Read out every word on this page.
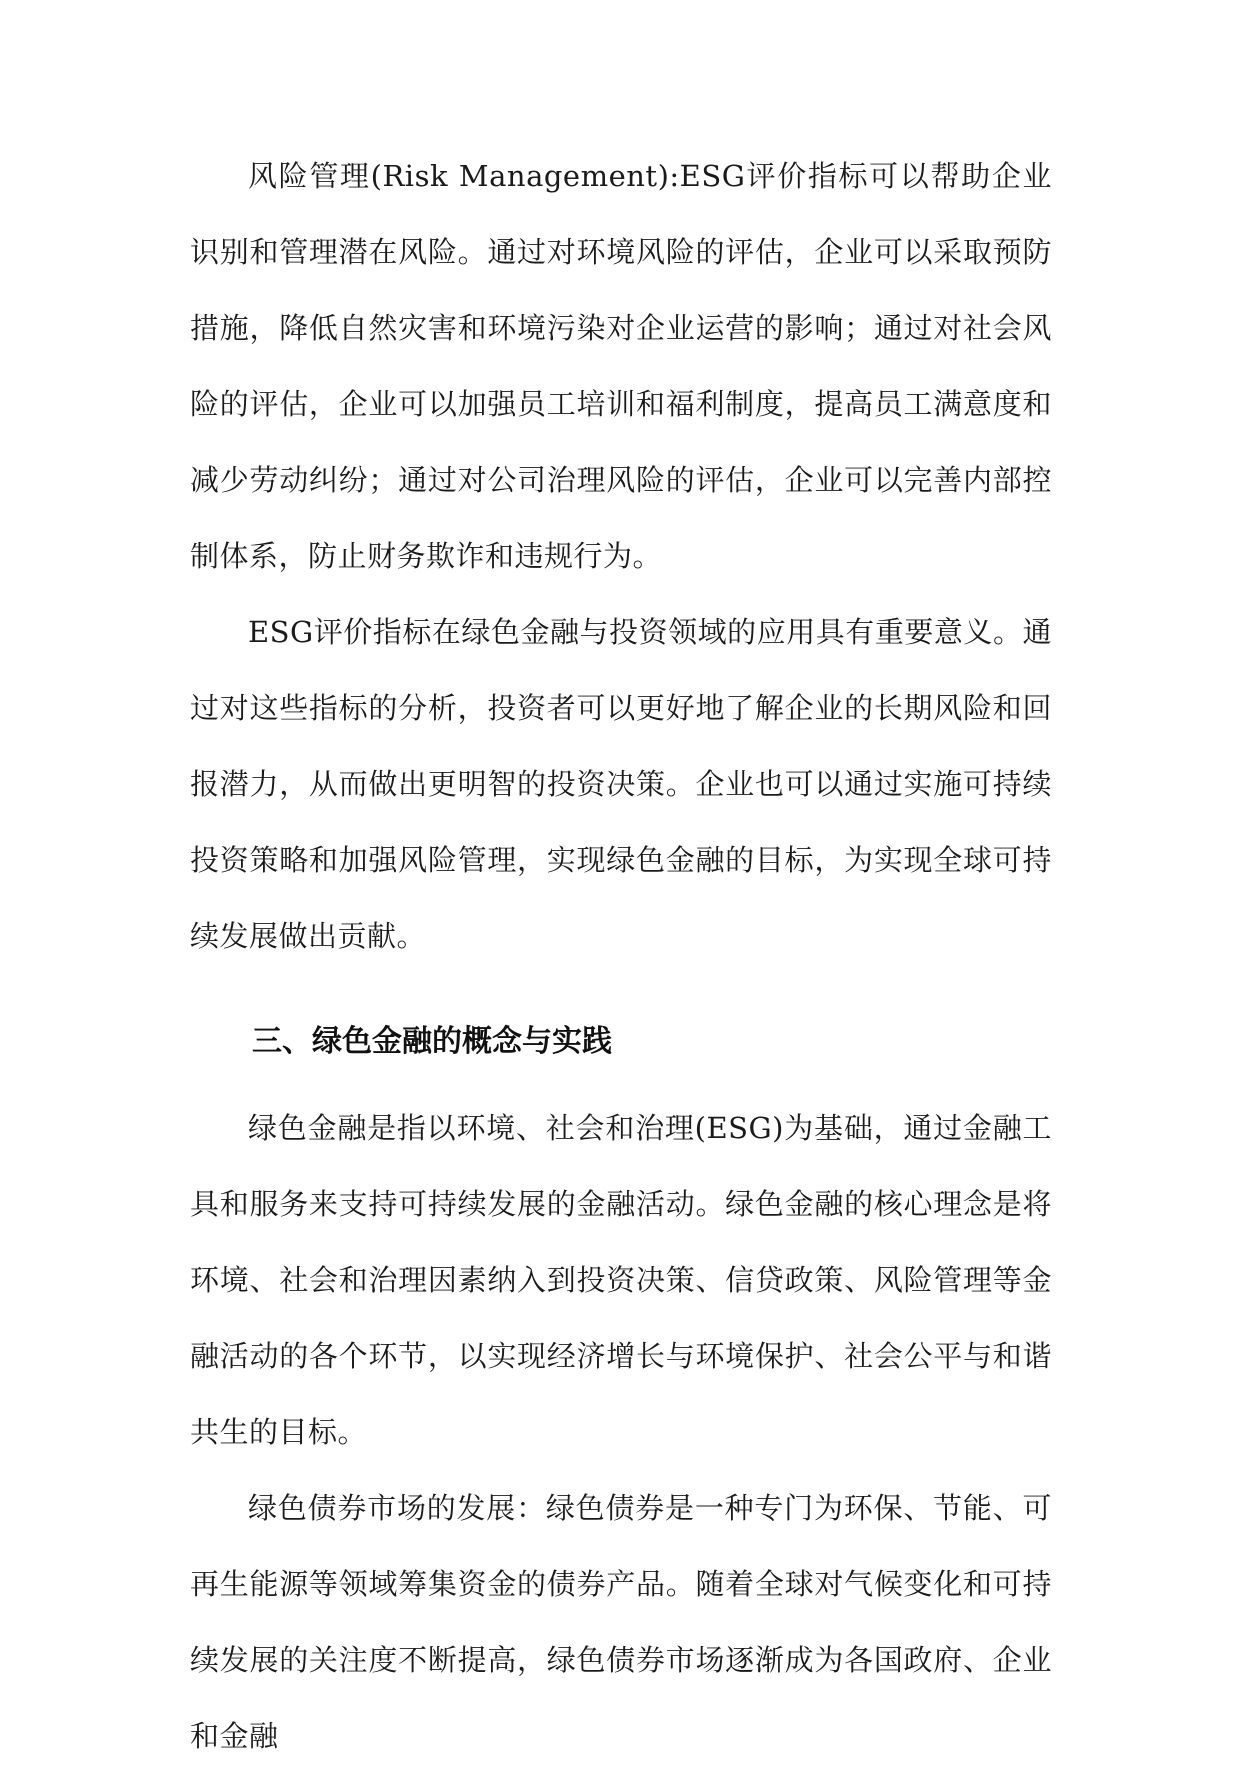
风险管理(Risk Management):ESG评价指标可以帮助企业识别和管理潜在风险。通过对环境风险的评估，企业可以采取预防措施，降低自然灾害和环境污染对企业运营的影响；通过对社会风险的评估，企业可以加强员工培训和福利制度，提高员工满意度和减少劳动纠纷；通过对公司治理风险的评估，企业可以完善内部控制体系，防止财务欺诈和违规行为。

ESG评价指标在绿色金融与投资领域的应用具有重要意义。通过对这些指标的分析，投资者可以更好地了解企业的长期风险和回报潜力，从而做出更明智的投资决策。企业也可以通过实施可持续投资策略和加强风险管理，实现绿色金融的目标，为实现全球可持续发展做出贡献。

三、绿色金融的概念与实践

绿色金融是指以环境、社会和治理(ESG)为基础，通过金融工具和服务来支持可持续发展的金融活动。绿色金融的核心理念是将环境、社会和治理因素纳入到投资决策、信贷政策、风险管理等金融活动的各个环节，以实现经济增长与环境保护、社会公平与和谐共生的目标。

绿色债券市场的发展：绿色债券是一种专门为环保、节能、可再生能源等领域筹集资金的债券产品。随着全球对气候变化和可持续发展的关注度不断提高，绿色债券市场逐渐成为各国政府、企业和金融
